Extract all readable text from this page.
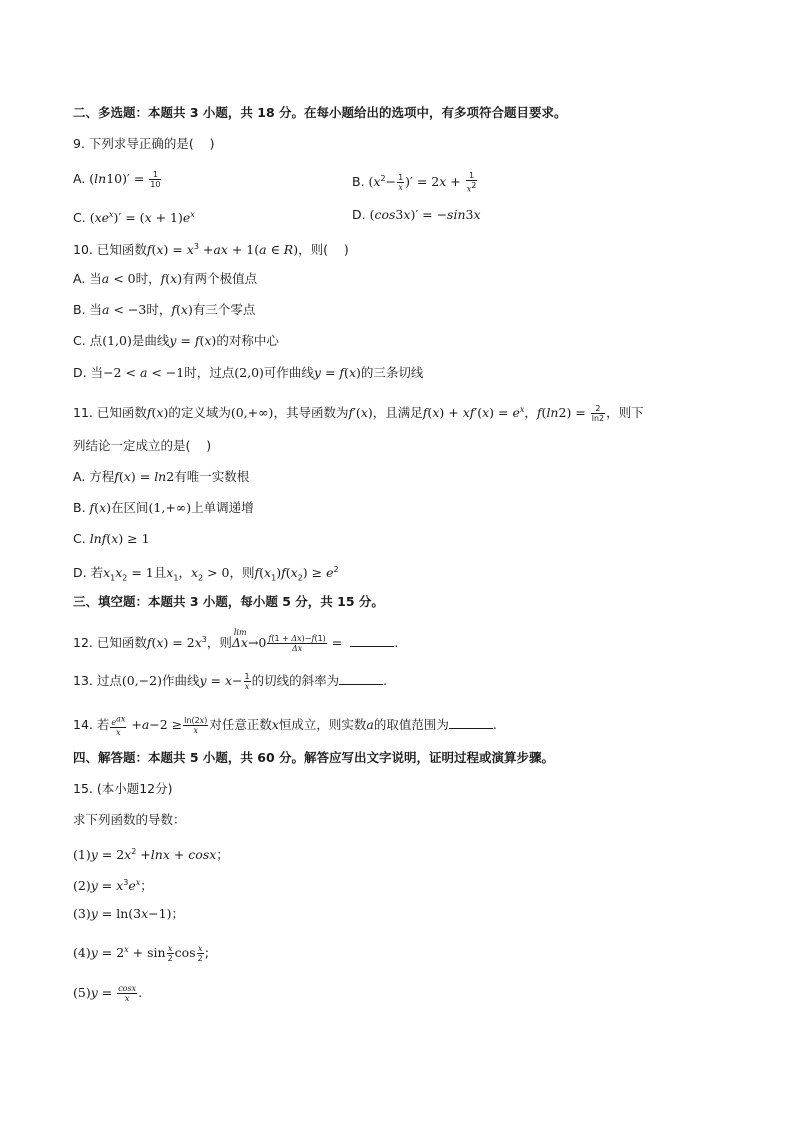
二、多选题：本题共 3 小题，共 18 分。在每小题给出的选项中，有多项符合题目要求。
9. 下列求导正确的是(    )
A. $(\ln 10)' = \frac{1}{10}$	B. ($x^2- \frac{1}{x}$ )′ = $2x + \frac{1}{x^2}$
C. $(xe^x)' = (x + 1)e^x$	D. (cos3x)′ = −sin3x
10. 已知函数$f(x) = x^3 +ax + 1(a$ ∈ R)，则(    )
A. 当a < 0时，f(x)有两个极值点
B. 当a < −3时，f(x)有三个零点
C. 点(1,0)是曲线y = f(x)的对称中心
D. 当−2 < a < −1时，过点(2,0)可作曲线y = f(x)的三条切线
11. 已知函数f(x)的定义域为(0,+∞)，其导函数为f′(x)，且满足$f(x) + xf'(x) = e^x$，$f(\ln 2) = \frac{2}{\ln 2}$ ，则下
列结论一定成立的是(    )
A. 方程f(x) = ln2有唯一实数根
B. f(x)在区间(1,+∞)上单调递增
C. lnf(x) ≥ 1
D. 若$x_1x_2 = 1$且$x_1$，$x_2 > 0$，则$f(x_1)f(x_2) \ge e^2$
三、填空题：本题共 3 小题，每小题 5 分，共 15 分。
12. 已知函数$f(x) = 2x^3$，则
lim
$\Delta x\to 0 \frac{f(1 + \Delta x)-f(1)}{\Delta x}$ =	.
13. 过点(0,−2)作曲线$y = x- \frac{1}{x}$ 的切线的斜率为	.
14. 若 $\frac{e^{ax}}{x} +a-2 \ge \frac{\ln(2x)}{x}$ 对任意正数x恒成立，则实数a的取值范围为	.
四、解答题：本题共 5 小题，共 60 分。解答应写出文字说明，证明过程或演算步骤。
15. (本小题12分)
求下列函数的导数：
$(1)y = 2x^2 +\ln x + \cos x$；
$(2)y = x^3e^x$；
(3)y = ln(3x−1)；
$(4)y = 2^x + \sin \frac{x}{2}$ $\cos \frac{x}{2}$ ;
$(5)y = \frac{\cos x}{x}$ .
